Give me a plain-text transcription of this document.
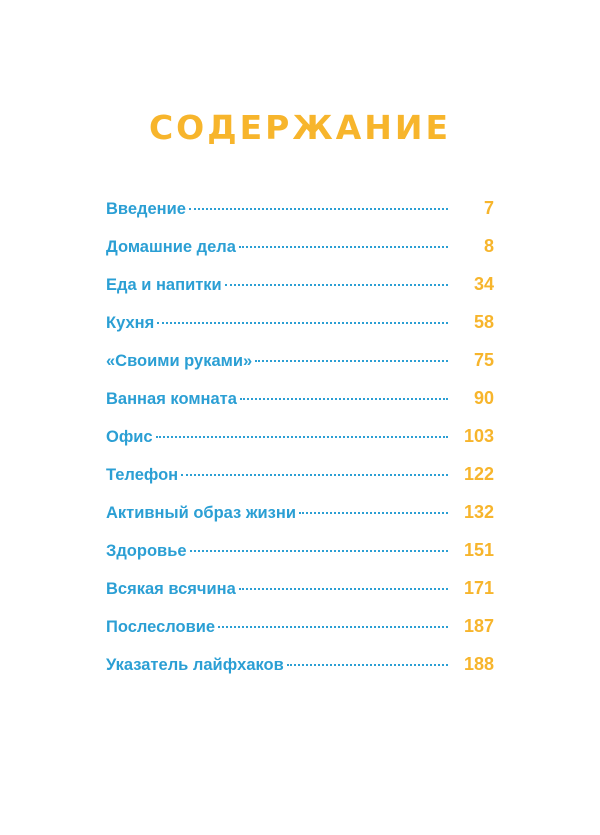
СОДЕРЖАНИЕ
Введение	7
Домашние дела	8
Еда и напитки	34
Кухня	58
«Своими руками»	75
Ванная комната	90
Офис	103
Телефон	122
Активный образ жизни	132
Здоровье	151
Всякая всячина	171
Послесловие	187
Указатель лайфхаков	188
